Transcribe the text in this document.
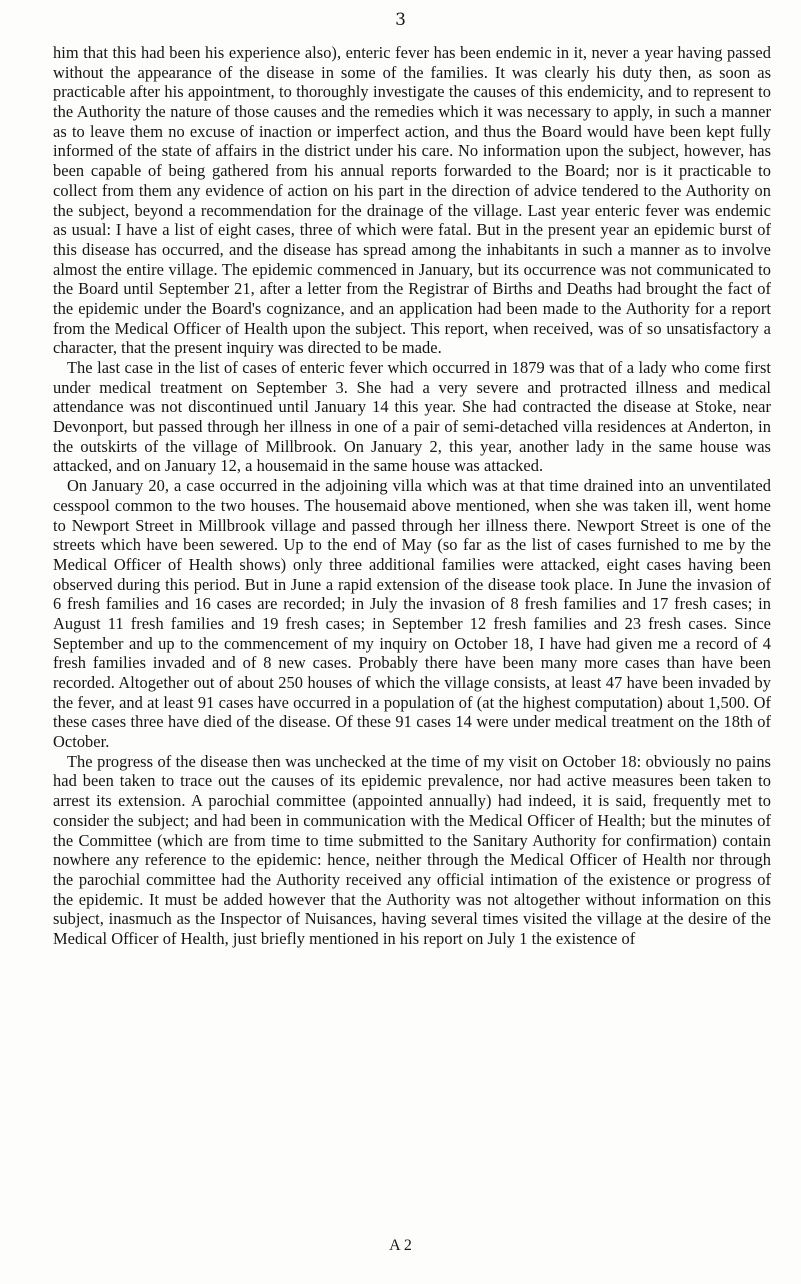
3

him that this had been his experience also), enteric fever has been endemic in it, never a year having passed without the appearance of the disease in some of the families. It was clearly his duty then, as soon as practicable after his appointment, to thoroughly investigate the causes of this endemicity, and to represent to the Authority the nature of those causes and the remedies which it was necessary to apply, in such a manner as to leave them no excuse of inaction or imperfect action, and thus the Board would have been kept fully informed of the state of affairs in the district under his care. No information upon the subject, however, has been capable of being gathered from his annual reports forwarded to the Board; nor is it practicable to collect from them any evidence of action on his part in the direction of advice tendered to the Authority on the subject, beyond a recommendation for the drainage of the village. Last year enteric fever was endemic as usual: I have a list of eight cases, three of which were fatal. But in the present year an epidemic burst of this disease has occurred, and the disease has spread among the inhabitants in such a manner as to involve almost the entire village. The epidemic commenced in January, but its occurrence was not communicated to the Board until September 21, after a letter from the Registrar of Births and Deaths had brought the fact of the epidemic under the Board's cognizance, and an application had been made to the Authority for a report from the Medical Officer of Health upon the subject. This report, when received, was of so unsatisfactory a character, that the present inquiry was directed to be made.

The last case in the list of cases of enteric fever which occurred in 1879 was that of a lady who come first under medical treatment on September 3. She had a very severe and protracted illness and medical attendance was not discontinued until January 14 this year. She had contracted the disease at Stoke, near Devonport, but passed through her illness in one of a pair of semi-detached villa residences at Anderton, in the outskirts of the village of Millbrook. On January 2, this year, another lady in the same house was attacked, and on January 12, a housemaid in the same house was attacked.

On January 20, a case occurred in the adjoining villa which was at that time drained into an unventilated cesspool common to the two houses. The housemaid above mentioned, when she was taken ill, went home to Newport Street in Millbrook village and passed through her illness there. Newport Street is one of the streets which have been sewered. Up to the end of May (so far as the list of cases furnished to me by the Medical Officer of Health shows) only three additional families were attacked, eight cases having been observed during this period. But in June a rapid extension of the disease took place. In June the invasion of 6 fresh families and 16 cases are recorded; in July the invasion of 8 fresh families and 17 fresh cases; in August 11 fresh families and 19 fresh cases; in September 12 fresh families and 23 fresh cases. Since September and up to the commencement of my inquiry on October 18, I have had given me a record of 4 fresh families invaded and of 8 new cases. Probably there have been many more cases than have been recorded. Altogether out of about 250 houses of which the village consists, at least 47 have been invaded by the fever, and at least 91 cases have occurred in a population of (at the highest computation) about 1,500. Of these cases three have died of the disease. Of these 91 cases 14 were under medical treatment on the 18th of October.

The progress of the disease then was unchecked at the time of my visit on October 18: obviously no pains had been taken to trace out the causes of its epidemic prevalence, nor had active measures been taken to arrest its extension. A parochial committee (appointed annually) had indeed, it is said, frequently met to consider the subject; and had been in communication with the Medical Officer of Health; but the minutes of the Committee (which are from time to time submitted to the Sanitary Authority for confirmation) contain nowhere any reference to the epidemic: hence, neither through the Medical Officer of Health nor through the parochial committee had the Authority received any official intimation of the existence or progress of the epidemic. It must be added however that the Authority was not altogether without information on this subject, inasmuch as the Inspector of Nuisances, having several times visited the village at the desire of the Medical Officer of Health, just briefly mentioned in his report on July 1 the existence of

A 2
